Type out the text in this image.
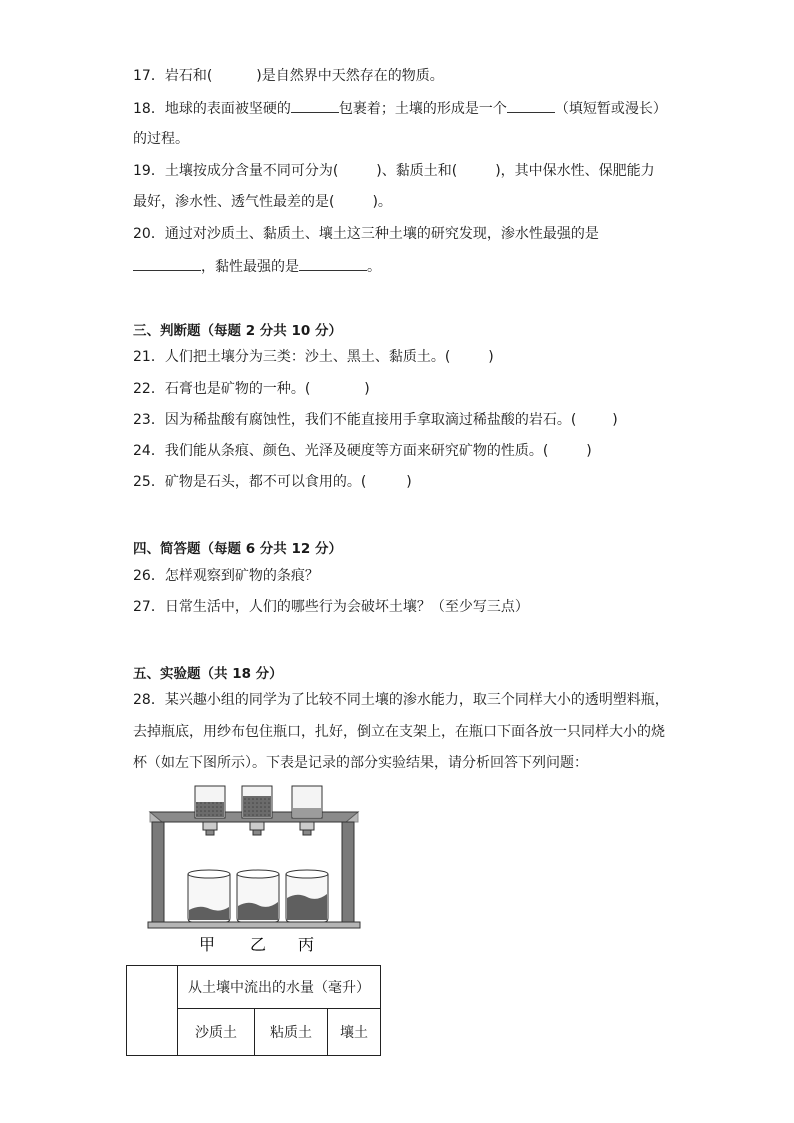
17．岩石和(	)是自然界中天然存在的物质。
18．地球的表面被坚硬的	包裹着；土壤的形成是一个	（填短暂或漫长）
的过程。
19．土壤按成分含量不同可分为(	)、黏质土和(	)，其中保水性、保肥能力
最好，渗水性、透气性最差的是(	)。
20．通过对沙质土、黏质土、壤土这三种土壤的研究发现，渗水性最强的是
，黏性最强的是	。
三、判断题（每题 2 分共 10 分）
21．人们把土壤分为三类：沙土、黑土、黏质土。(	)
22．石膏也是矿物的一种。(	)
23．因为稀盐酸有腐蚀性，我们不能直接用手拿取滴过稀盐酸的岩石。(	)
24．我们能从条痕、颜色、光泽及硬度等方面来研究矿物的性质。(	)
25．矿物是石头，都不可以食用的。(	)
四、简答题（每题 6 分共 12 分）
26．怎样观察到矿物的条痕？
27．日常生活中，人们的哪些行为会破坏土壤？（至少写三点）
五、实验题（共 18 分）
28．某兴趣小组的同学为了比较不同土壤的渗水能力，取三个同样大小的透明塑料瓶，
去掉瓶底，用纱布包住瓶口，扎好，倒立在支架上，在瓶口下面各放一只同样大小的烧
杯（如左下图所示）。下表是记录的部分实验结果，请分析回答下列问题：
甲 乙 丙
	从土壤中流出的水量（毫升）		
	沙质土	粘质土	壤土
